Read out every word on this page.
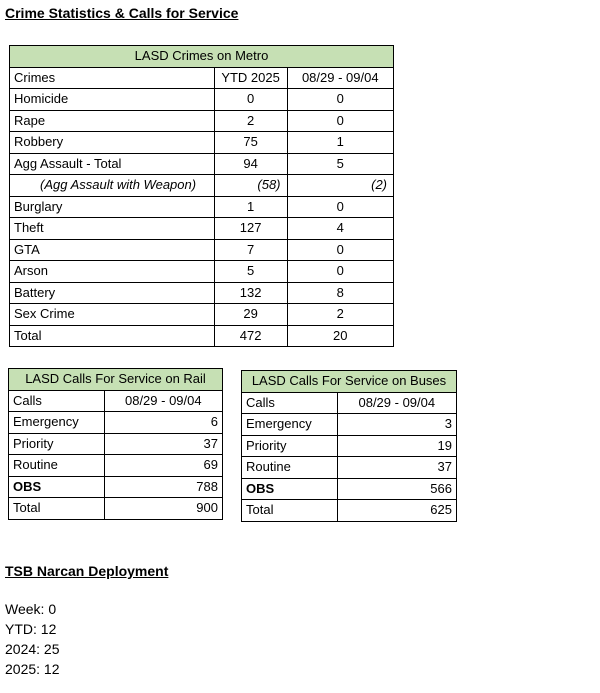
Crime Statistics & Calls for Service
LASD Crimes on Metro		
Crimes	YTD 2025	08/29 - 09/04
Homicide	0	0
Rape	2	0
Robbery	75	1
Agg Assault - Total	94	5
(Agg Assault with Weapon)	(58)	(2)
Burglary	1	0
Theft	127	4
GTA	7	0
Arson	5	0
Battery	132	8
Sex Crime	29	2
Total	472	20
LASD Calls For Service on Rail	
Calls	08/29 - 09/04
Emergency	6
Priority	37
Routine	69
OBS	788
Total	900
LASD Calls For Service on Buses	
Calls	08/29 - 09/04
Emergency	3
Priority	19
Routine	37
OBS	566
Total	625
TSB Narcan Deployment
Week: 0
YTD: 12
2024: 25
2025: 12
